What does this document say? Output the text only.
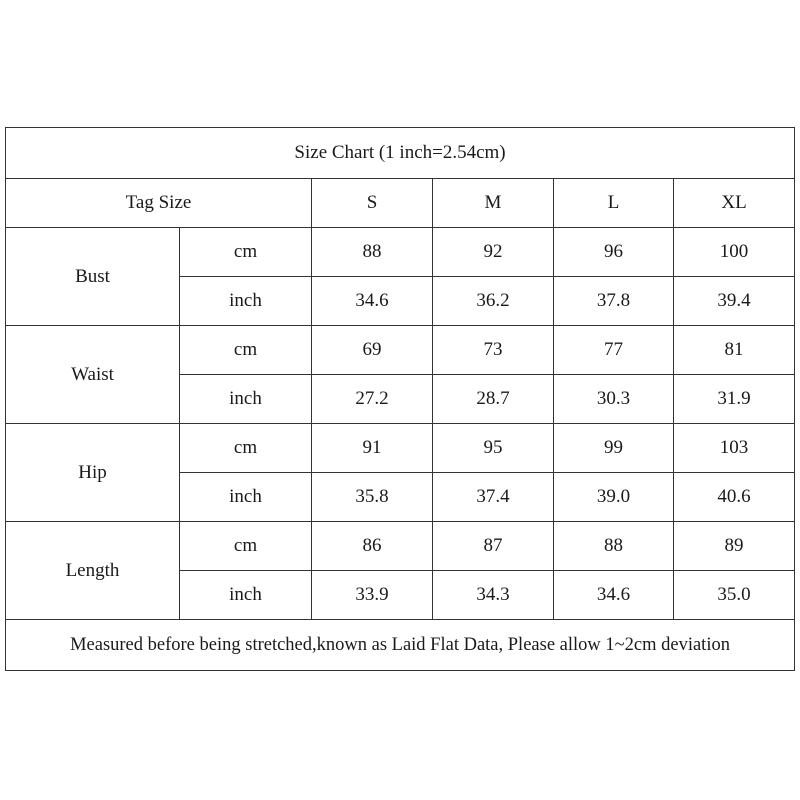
Size Chart (1 inch=2.54cm)					
Tag Size		S	M	L	XL
Bust	cm	88	92	96	100
	inch	34.6	36.2	37.8	39.4
Waist	cm	69	73	77	81
	inch	27.2	28.7	30.3	31.9
Hip	cm	91	95	99	103
	inch	35.8	37.4	39.0	40.6
Length	cm	86	87	88	89
	inch	33.9	34.3	34.6	35.0
Measured before being stretched,known as Laid Flat Data, Please allow 1~2cm deviation					
